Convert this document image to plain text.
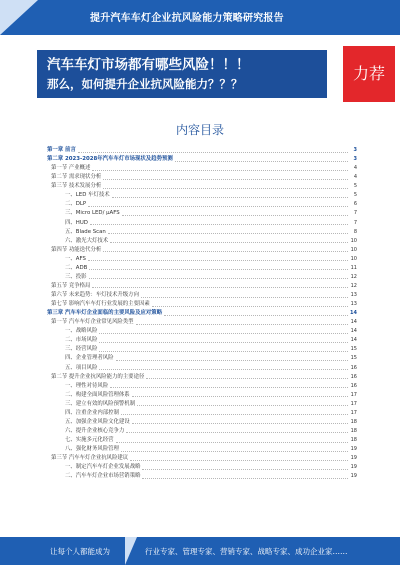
提升汽车车灯企业抗风险能力策略研究报告
汽车车灯市场都有哪些风险！！！
那么，如何提升企业抗风险能力？？？
力荐
内容目录
第一章 前言	3
第二章 2023-2028年汽车车灯市场现状及趋势预测	3
第一节 产业概述	4
第二节 需求现状分析	4
第三节 技术发展分析	5
一、LED 车灯技术	5
二、DLP	6
三、Micro LED/ µAFS	7
四、HUD	7
五、Blade Scan	8
六、激光大灯技术	10
第四节 功能迭代分析	10
一、AFS	10
二、ADB	11
三、投影	12
第五节 竞争格局	12
第六节 未来趋势：车灯技术升级方向	13
第七节 影响汽车车灯行业发展的主要因素	13
第三章 汽车车灯企业面临的主要风险及应对策略	14
第一节 汽车车灯企业常见风险类型	14
一、战略风险	14
二、市场风险	14
三、经营风险	15
四、企业管理者风险	15
五、项目风险	16
第二节 提升企业抗风险能力的主要途径	16
一、理性对待风险	16
二、构建全面风险管理体系	17
三、建立有效的风险预警机制	17
四、注重企业内部控制	17
五、加强企业风险文化建设	18
六、提升企业核心竞争力	18
七、实施多元化经营	18
八、强化财务风险管理	19
第三节 汽车车灯企业抗风险建议	19
一、制定汽车车灯企业发展战略	19
二、汽车车灯企业市场营销策略	19
让每个人都能成为	行业专家、管理专家、营销专家、战略专家、成功企业家……
